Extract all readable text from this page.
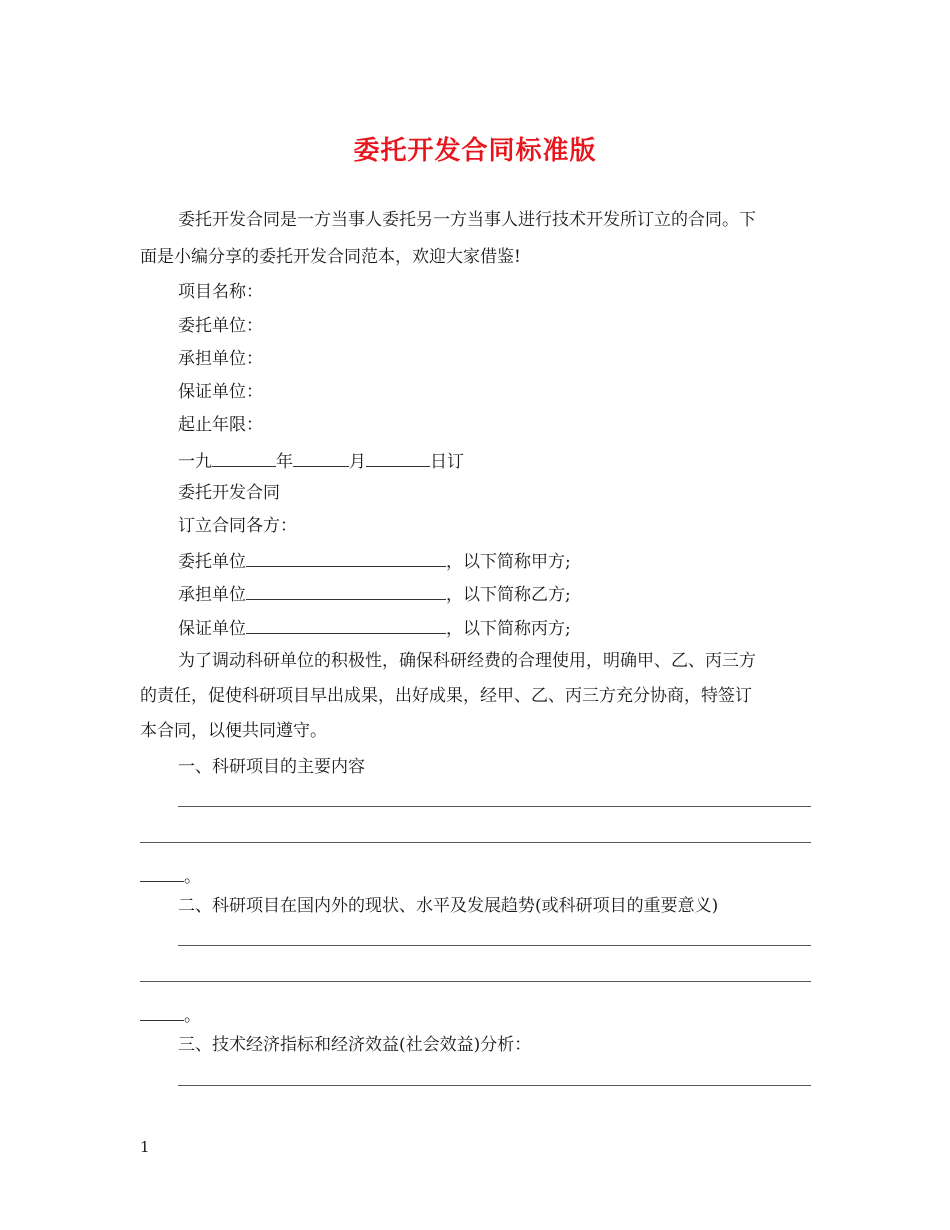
委托开发合同标准版
委托开发合同是一方当事人委托另一方当事人进行技术开发所订立的合同。下
面是小编分享的委托开发合同范本，欢迎大家借鉴!
项目名称：
委托单位：
承担单位：
保证单位：
起止年限：
一九	年	月	日订
委托开发合同
订立合同各方：
委托单位	，以下简称甲方;
承担单位	，以下简称乙方;
保证单位	，以下简称丙方;
为了调动科研单位的积极性，确保科研经费的合理使用，明确甲、乙、丙三方
的责任，促使科研项目早出成果，出好成果，经甲、乙、丙三方充分协商，特签订
本合同，以便共同遵守。
一、科研项目的主要内容
。
二、科研项目在国内外的现状、水平及发展趋势(或科研项目的重要意义)
。
三、技术经济指标和经济效益(社会效益)分析：
1
